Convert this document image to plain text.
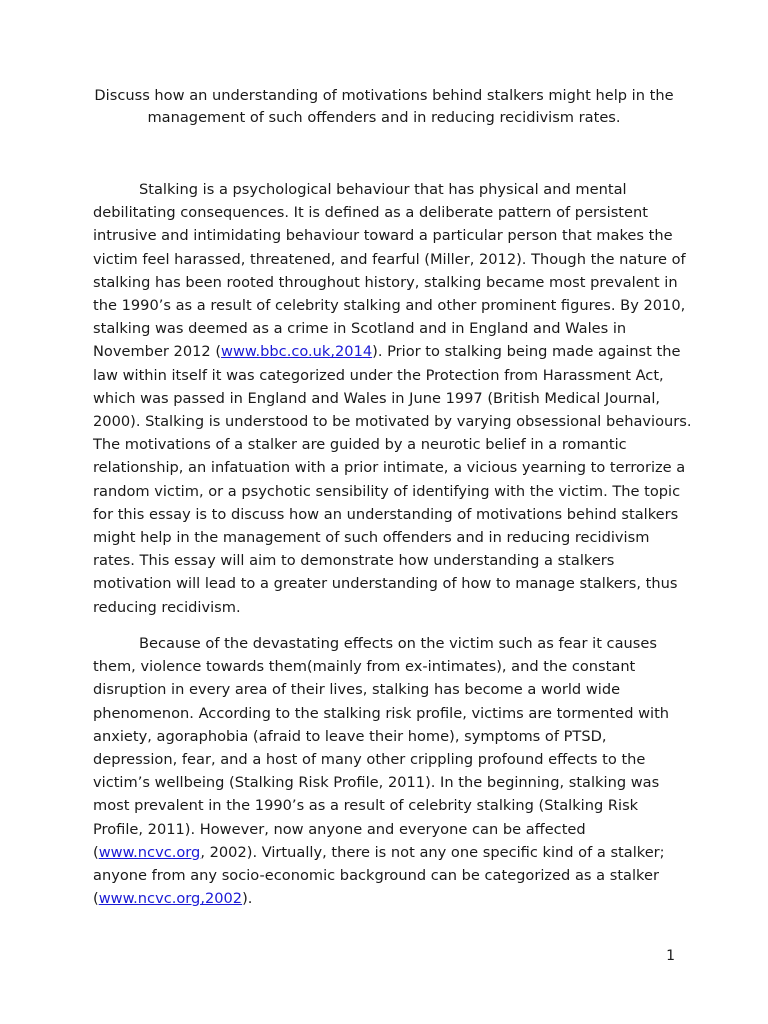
Discuss how an understanding of motivations behind stalkers might help in the
management of such offenders and in reducing recidivism rates.
Stalking is a psychological behaviour that has physical and mental
debilitating consequences. It is defined as a deliberate pattern of persistent
intrusive and intimidating behaviour toward a particular person that makes the
victim feel harassed, threatened, and fearful (Miller, 2012). Though the nature of
stalking has been rooted throughout history, stalking became most prevalent in
the 1990’s as a result of celebrity stalking and other prominent figures. By 2010,
stalking was deemed as a crime in Scotland and in England and Wales in
November 2012 (www.bbc.co.uk,2014). Prior to stalking being made against the
law within itself it was categorized under the Protection from Harassment Act,
which was passed in England and Wales in June 1997 (British Medical Journal,
2000). Stalking is understood to be motivated by varying obsessional behaviours.
The motivations of a stalker are guided by a neurotic belief in a romantic
relationship, an infatuation with a prior intimate, a vicious yearning to terrorize a
random victim, or a psychotic sensibility of identifying with the victim. The topic
for this essay is to discuss how an understanding of motivations behind stalkers
might help in the management of such offenders and in reducing recidivism
rates. This essay will aim to demonstrate how understanding a stalkers
motivation will lead to a greater understanding of how to manage stalkers, thus
reducing recidivism.
Because of the devastating effects on the victim such as fear it causes
them, violence towards them(mainly from ex-intimates), and the constant
disruption in every area of their lives, stalking has become a world wide
phenomenon. According to the stalking risk profile, victims are tormented with
anxiety, agoraphobia (afraid to leave their home), symptoms of PTSD,
depression, fear, and a host of many other crippling profound effects to the
victim’s wellbeing (Stalking Risk Profile, 2011). In the beginning, stalking was
most prevalent in the 1990’s as a result of celebrity stalking (Stalking Risk
Profile, 2011). However, now anyone and everyone can be affected
(www.ncvc.org, 2002). Virtually, there is not any one specific kind of a stalker;
anyone from any socio-economic background can be categorized as a stalker
(www.ncvc.org,2002).
1
